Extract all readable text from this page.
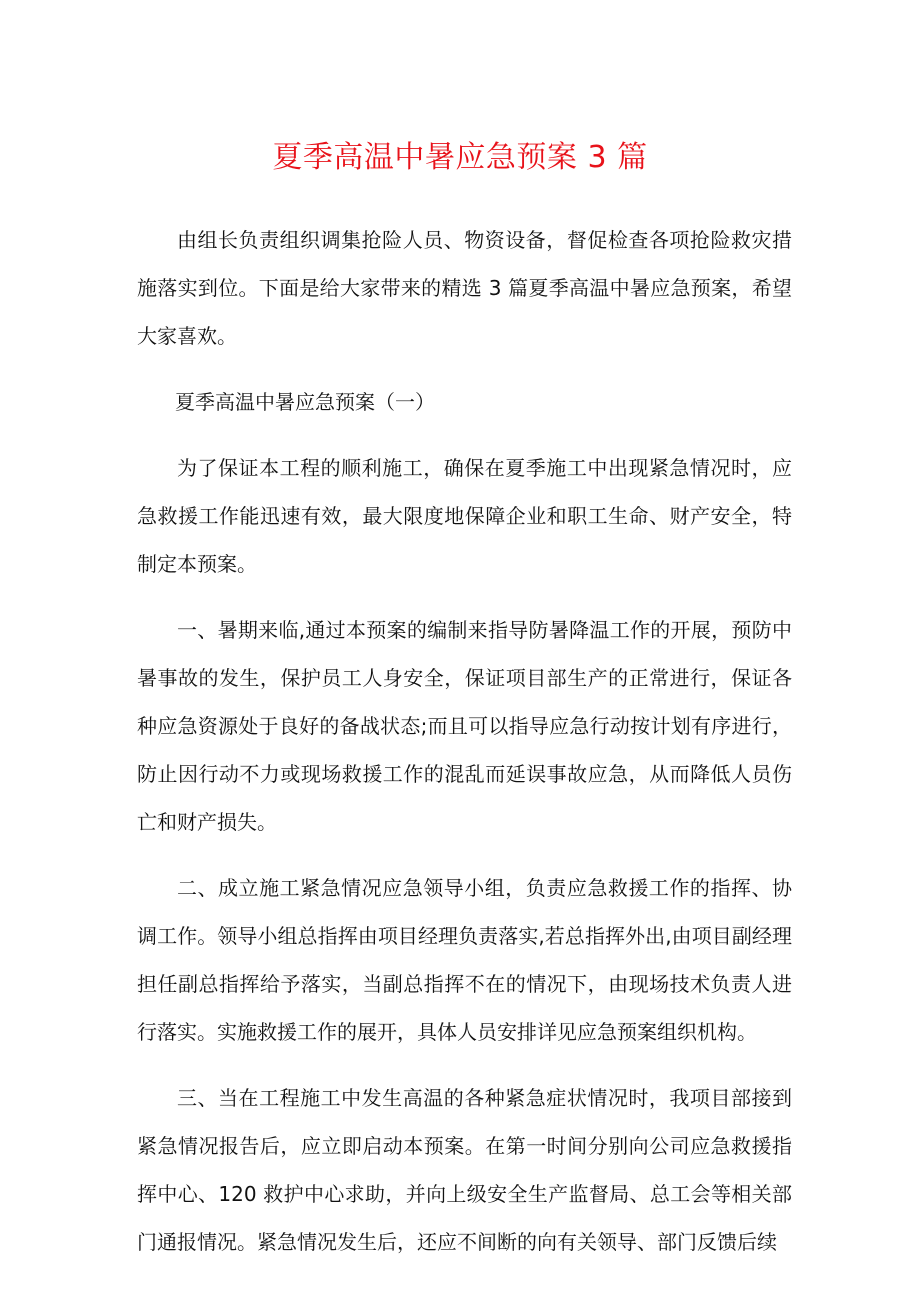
夏季高温中暑应急预案 3 篇

由组长负责组织调集抢险人员、物资设备，督促检查各项抢险救灾措施落实到位。下面是给大家带来的精选 3 篇夏季高温中暑应急预案，希望大家喜欢。

夏季高温中暑应急预案（一）

为了保证本工程的顺利施工，确保在夏季施工中出现紧急情况时，应急救援工作能迅速有效，最大限度地保障企业和职工生命、财产安全，特制定本预案。

一、暑期来临,通过本预案的编制来指导防暑降温工作的开展，预防中暑事故的发生，保护员工人身安全，保证项目部生产的正常进行，保证各种应急资源处于良好的备战状态;而且可以指导应急行动按计划有序进行，防止因行动不力或现场救援工作的混乱而延误事故应急，从而降低人员伤亡和财产损失。

二、成立施工紧急情况应急领导小组，负责应急救援工作的指挥、协调工作。领导小组总指挥由项目经理负责落实,若总指挥外出,由项目副经理担任副总指挥给予落实，当副总指挥不在的情况下，由现场技术负责人进行落实。实施救援工作的展开，具体人员安排详见应急预案组织机构。

三、当在工程施工中发生高温的各种紧急症状情况时，我项目部接到紧急情况报告后，应立即启动本预案。在第一时间分别向公司应急救援指挥中心、120 救护中心求助，并向上级安全生产监督局、总工会等相关部门通报情况。紧急情况发生后，还应不间断的向有关领导、部门反馈后续
